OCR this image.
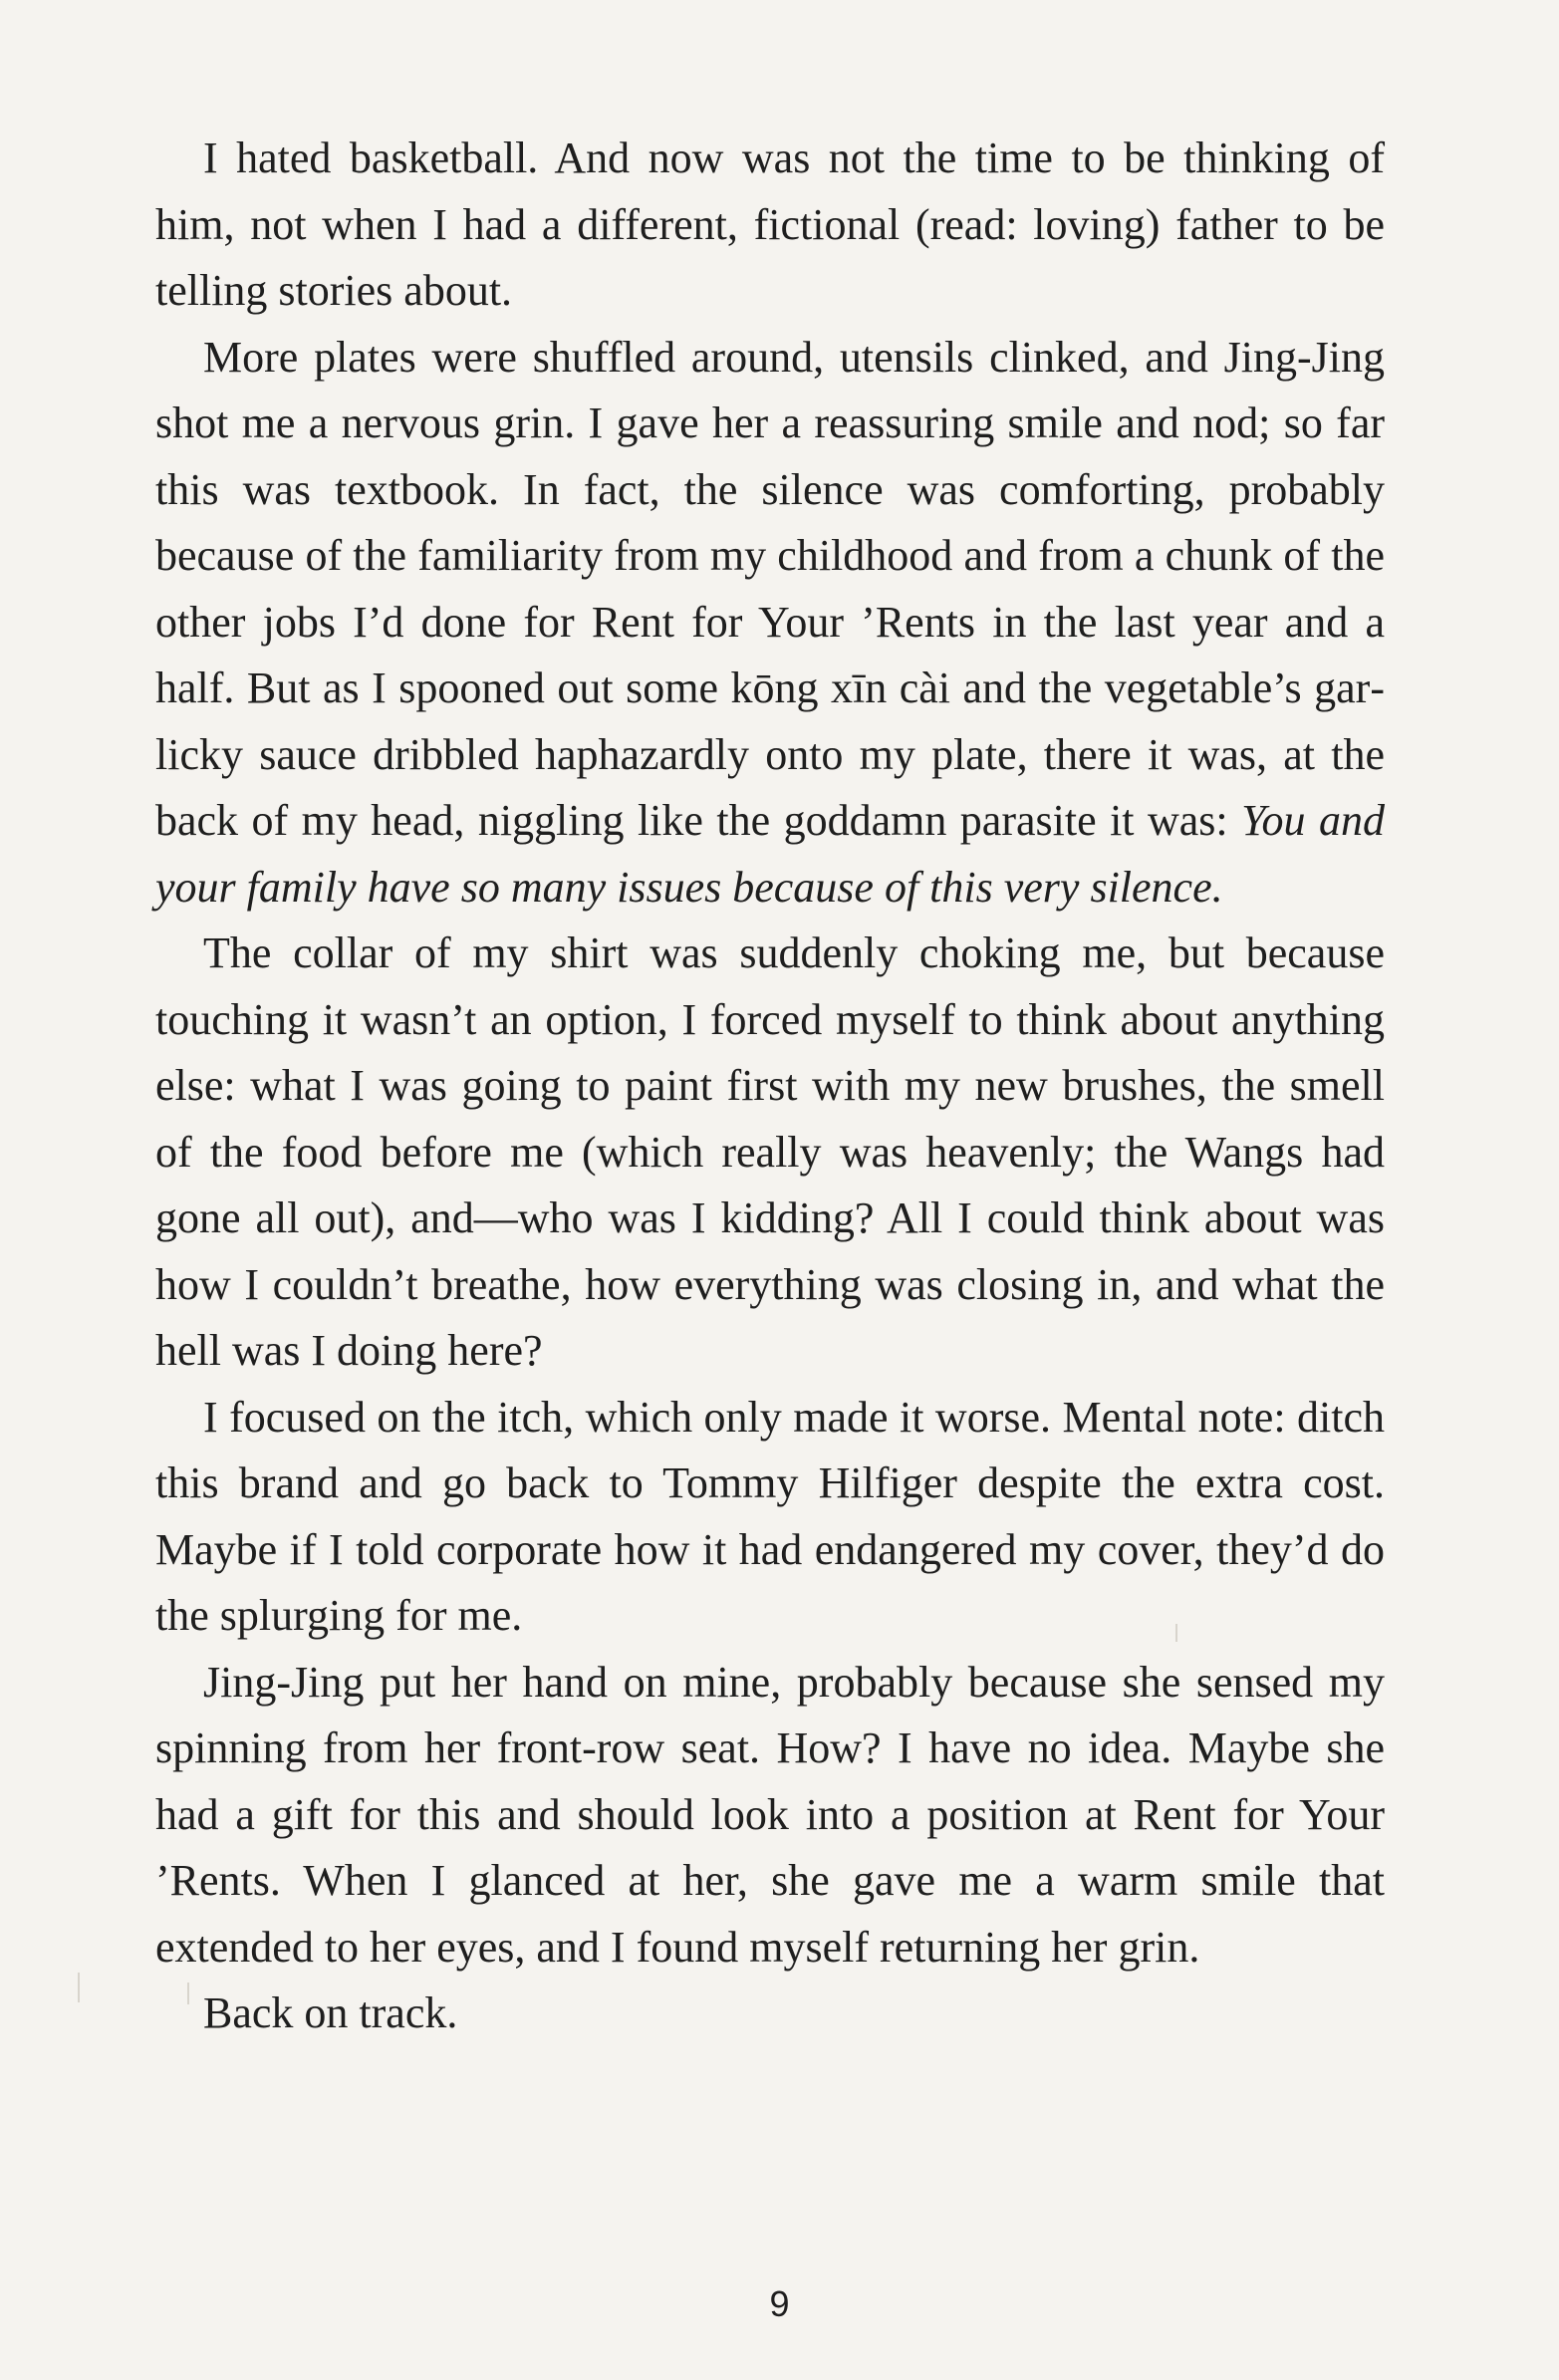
I hated basketball. And now was not the time to be thinking of him, not when I had a different, fictional (read: loving) father to be telling stories about.

More plates were shuffled around, utensils clinked, and Jing-Jing shot me a nervous grin. I gave her a reassuring smile and nod; so far this was textbook. In fact, the silence was comforting, probably because of the familiarity from my childhood and from a chunk of the other jobs I’d done for Rent for Your ’Rents in the last year and a half. But as I spooned out some kōng xīn cài and the vegetable’s garlicky sauce dribbled haphazardly onto my plate, there it was, at the back of my head, niggling like the goddamn parasite it was: You and your family have so many issues because of this very silence.

The collar of my shirt was suddenly choking me, but because touching it wasn’t an option, I forced myself to think about anything else: what I was going to paint first with my new brushes, the smell of the food before me (which really was heavenly; the Wangs had gone all out), and—who was I kidding? All I could think about was how I couldn’t breathe, how everything was closing in, and what the hell was I doing here?

I focused on the itch, which only made it worse. Mental note: ditch this brand and go back to Tommy Hilfiger despite the extra cost. Maybe if I told corporate how it had endangered my cover, they’d do the splurging for me.

Jing-Jing put her hand on mine, probably because she sensed my spinning from her front-row seat. How? I have no idea. Maybe she had a gift for this and should look into a position at Rent for Your ’Rents. When I glanced at her, she gave me a warm smile that extended to her eyes, and I found myself returning her grin.

Back on track.

9
